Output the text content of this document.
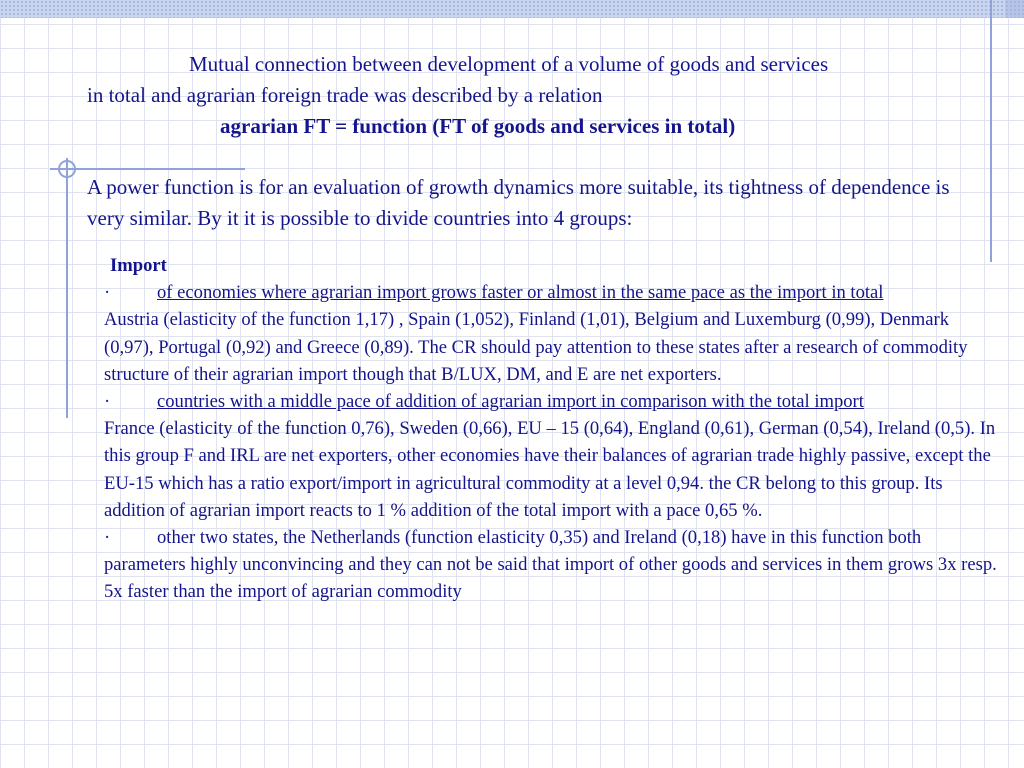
Mutual connection between development of a volume of goods and services
in total and agrarian foreign trade was described by a relation
agrarian FT = function (FT of goods and services in total)

A power function is for an evaluation of growth dynamics more suitable, its tightness of dependence is very similar. By it it is possible to divide countries into 4 groups:

Import

·	of economies where agrarian import grows faster or almost in the same pace as the import in total

Austria (elasticity of the function 1,17) , Spain (1,052), Finland (1,01), Belgium and Luxemburg (0,99), Denmark (0,97), Portugal (0,92) and Greece (0,89). The CR should pay attention to these states after a research of commodity structure of their agrarian import though that B/LUX, DM, and E are net exporters.

·	countries with a middle pace of addition of agrarian import in comparison with the total import

France (elasticity of the function 0,76), Sweden (0,66), EU – 15 (0,64), England (0,61), German (0,54), Ireland (0,5). In this group F and IRL are net exporters, other economies have their balances of agrarian trade highly passive, except the EU-15 which has a ratio export/import in agricultural commodity at a level 0,94. the CR belong to this group. Its addition of agrarian import reacts to 1 % addition of the total import with a pace 0,65 %.

·	other two states, the Netherlands (function elasticity 0,35) and Ireland (0,18) have in this function both parameters highly unconvincing and they can not be said that import of other goods and services in them grows 3x resp. 5x faster than the import of agrarian commodity
